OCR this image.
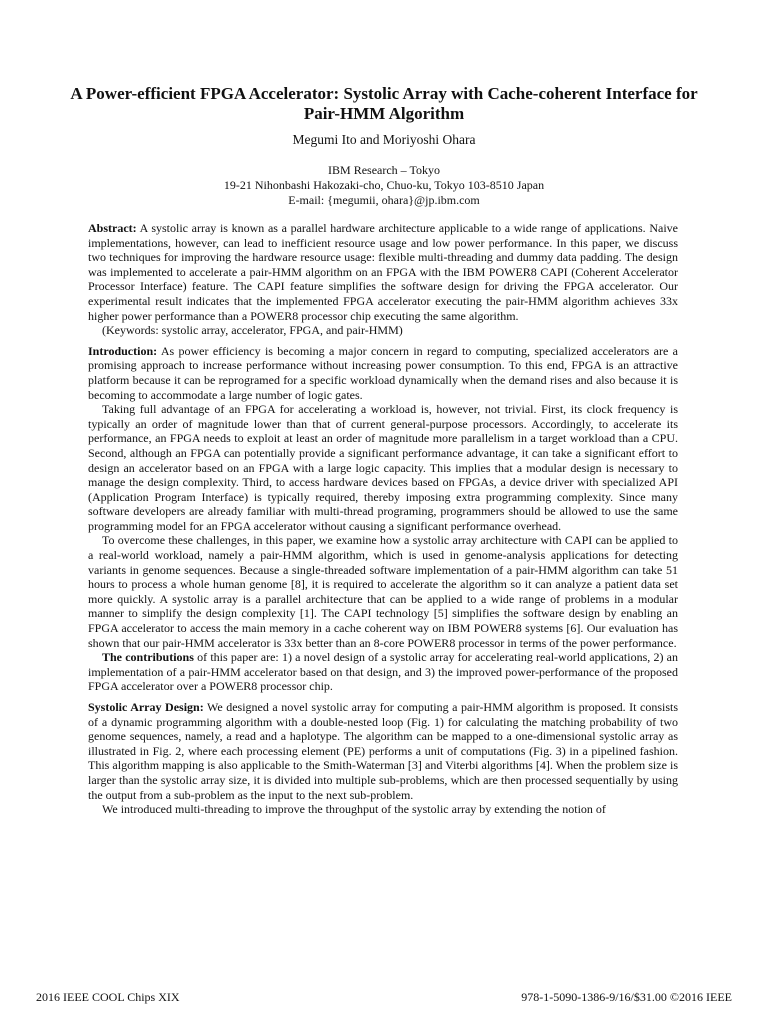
A Power-efficient FPGA Accelerator: Systolic Array with Cache-coherent Interface for Pair-HMM Algorithm
Megumi Ito and Moriyoshi Ohara
IBM Research – Tokyo
19-21 Nihonbashi Hakozaki-cho, Chuo-ku, Tokyo 103-8510 Japan
E-mail: {megumii, ohara}@jp.ibm.com

Abstract: A systolic array is known as a parallel hardware architecture applicable to a wide range of applications. Naive implementations, however, can lead to inefficient resource usage and low power performance. In this paper, we discuss two techniques for improving the hardware resource usage: flexible multi-threading and dummy data padding. The design was implemented to accelerate a pair-HMM algorithm on an FPGA with the IBM POWER8 CAPI (Coherent Accelerator Processor Interface) feature. The CAPI feature simplifies the software design for driving the FPGA accelerator. Our experimental result indicates that the implemented FPGA accelerator executing the pair-HMM algorithm achieves 33x higher power performance than a POWER8 processor chip executing the same algorithm.

(Keywords: systolic array, accelerator, FPGA, and pair-HMM)

Introduction: As power efficiency is becoming a major concern in regard to computing, specialized accelerators are a promising approach to increase performance without increasing power consumption. To this end, FPGA is an attractive platform because it can be reprogramed for a specific workload dynamically when the demand rises and also because it is becoming to accommodate a large number of logic gates.

Taking full advantage of an FPGA for accelerating a workload is, however, not trivial. First, its clock frequency is typically an order of magnitude lower than that of current general-purpose processors. Accordingly, to accelerate its performance, an FPGA needs to exploit at least an order of magnitude more parallelism in a target workload than a CPU. Second, although an FPGA can potentially provide a significant performance advantage, it can take a significant effort to design an accelerator based on an FPGA with a large logic capacity. This implies that a modular design is necessary to manage the design complexity. Third, to access hardware devices based on FPGAs, a device driver with specialized API (Application Program Interface) is typically required, thereby imposing extra programming complexity. Since many software developers are already familiar with multi-thread programing, programmers should be allowed to use the same programming model for an FPGA accelerator without causing a significant performance overhead.

To overcome these challenges, in this paper, we examine how a systolic array architecture with CAPI can be applied to a real-world workload, namely a pair-HMM algorithm, which is used in genome-analysis applications for detecting variants in genome sequences. Because a single-threaded software implementation of a pair-HMM algorithm can take 51 hours to process a whole human genome [8], it is required to accelerate the algorithm so it can analyze a patient data set more quickly. A systolic array is a parallel architecture that can be applied to a wide range of problems in a modular manner to simplify the design complexity [1]. The CAPI technology [5] simplifies the software design by enabling an FPGA accelerator to access the main memory in a cache coherent way on IBM POWER8 systems [6]. Our evaluation has shown that our pair-HMM accelerator is 33x better than an 8-core POWER8 processor in terms of the power performance.

The contributions of this paper are: 1) a novel design of a systolic array for accelerating real-world applications, 2) an implementation of a pair-HMM accelerator based on that design, and 3) the improved power-performance of the proposed FPGA accelerator over a POWER8 processor chip.

Systolic Array Design: We designed a novel systolic array for computing a pair-HMM algorithm is proposed. It consists of a dynamic programming algorithm with a double-nested loop (Fig. 1) for calculating the matching probability of two genome sequences, namely, a read and a haplotype. The algorithm can be mapped to a one-dimensional systolic array as illustrated in Fig. 2, where each processing element (PE) performs a unit of computations (Fig. 3) in a pipelined fashion. This algorithm mapping is also applicable to the Smith-Waterman [3] and Viterbi algorithms [4]. When the problem size is larger than the systolic array size, it is divided into multiple sub-problems, which are then processed sequentially by using the output from a sub-problem as the input to the next sub-problem.

We introduced multi-threading to improve the throughput of the systolic array by extending the notion of

2016 IEEE COOL Chips XIX	978-1-5090-1386-9/16/$31.00 ©2016 IEEE
